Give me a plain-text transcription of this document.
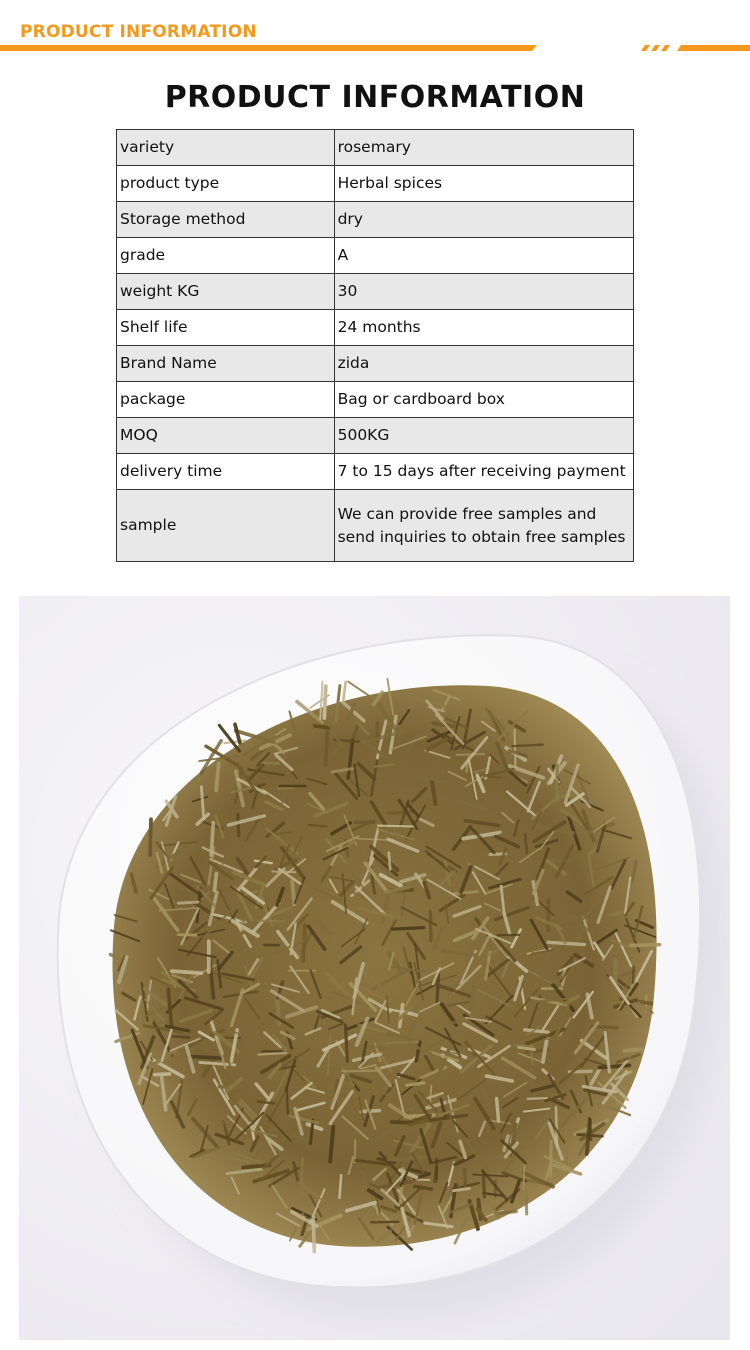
PRODUCT INFORMATION
PRODUCT INFORMATION
variety	rosemary
product type	Herbal spices
Storage method	dry
grade	A
weight KG	30
Shelf life	24 months
Brand Name	zida
package	Bag or cardboard box
MOQ	500KG
delivery time	7 to 15 days after receiving payment
sample	We can provide free samples and send inquiries to obtain free samples
